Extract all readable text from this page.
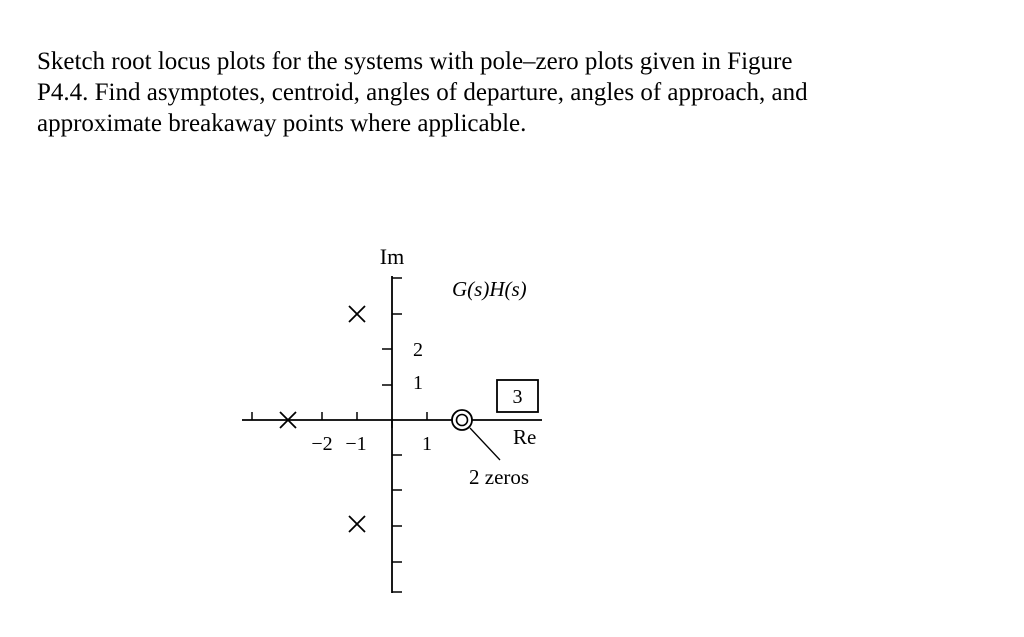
Sketch root locus plots for the systems with pole–zero plots given in Figure
P4.4. Find asymptotes, centroid, angles of departure, angles of approach, and
approximate breakaway points where applicable.
3
Im
Re
G(s)H(s)
2 zeros
2
1
−2 −1	1
